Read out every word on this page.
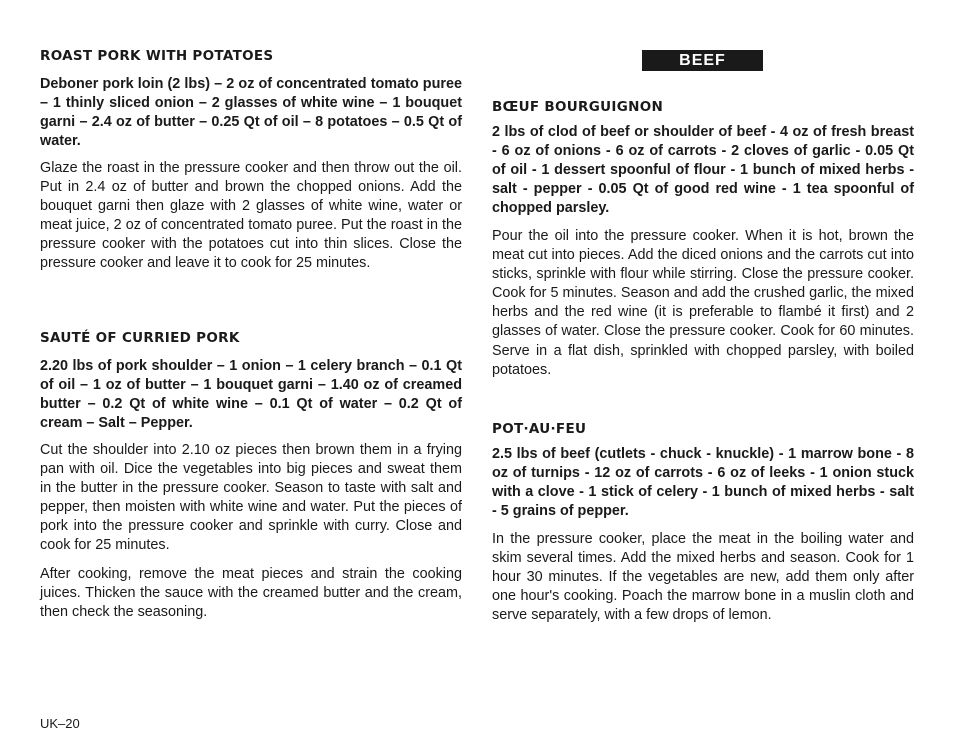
ROAST PORK WITH POTATOES

Deboner pork loin (2 lbs) – 2 oz of concentrated tomato puree – 1 thinly sliced onion – 2 glasses of white wine – 1 bouquet garni – 2.4 oz of butter – 0.25 Qt of oil – 8 potatoes – 0.5 Qt of water.

Glaze the roast in the pressure cooker and then throw out the oil. Put in 2.4 oz of butter and brown the chopped onions. Add the bouquet garni then glaze with 2 glasses of white wine, water or meat juice, 2 oz of concentrated tomato puree. Put the roast in the pressure cooker with the potatoes cut into thin slices. Close the pressure cooker and leave it to cook for 25 minutes.

SAUTÉ OF CURRIED PORK

2.20 lbs of pork shoulder – 1 onion – 1 celery branch – 0.1 Qt of oil – 1 oz of butter – 1 bouquet garni – 1.40 oz of creamed butter – 0.2 Qt of white wine – 0.1 Qt of water – 0.2 Qt of cream – Salt – Pepper.

Cut the shoulder into 2.10 oz pieces then brown them in a frying pan with oil. Dice the vegetables into big pieces and sweat them in the butter in the pressure cooker. Season to taste with salt and pepper, then moisten with white wine and water. Put the pieces of pork into the pressure cooker and sprinkle with curry. Close and cook for 25 minutes.

After cooking, remove the meat pieces and strain the cooking juices. Thicken the sauce with the creamed butter and the cream, then check the seasoning.

BEEF
BŒUF BOURGUIGNON

2 lbs of clod of beef or shoulder of beef - 4 oz of fresh breast - 6 oz of onions - 6 oz of carrots - 2 cloves of garlic - 0.05 Qt of oil - 1 dessert spoonful of flour - 1 bunch of mixed herbs - salt - pepper - 0.05 Qt of good red wine - 1 tea spoonful of chopped parsley.

Pour the oil into the pressure cooker. When it is hot, brown the meat cut into pieces. Add the diced onions and the carrots cut into sticks, sprinkle with flour while stirring. Close the pressure cooker. Cook for 5 minutes. Season and add the crushed garlic, the mixed herbs and the red wine (it is preferable to flambé it first) and 2 glasses of water. Close the pressure cooker. Cook for 60 minutes. Serve in a flat dish, sprinkled with chopped parsley, with boiled potatoes.

POT·AU·FEU

2.5 lbs of beef (cutlets - chuck - knuckle) - 1 marrow bone - 8 oz of turnips - 12 oz of carrots - 6 oz of leeks - 1 onion stuck with a clove - 1 stick of celery - 1 bunch of mixed herbs - salt - 5 grains of pepper.

In the pressure cooker, place the meat in the boiling water and skim several times. Add the mixed herbs and season. Cook for 1 hour 30 minutes. If the vegetables are new, add them only after one hour's cooking. Poach the marrow bone in a muslin cloth and serve separately, with a few drops of lemon.

UK–20
